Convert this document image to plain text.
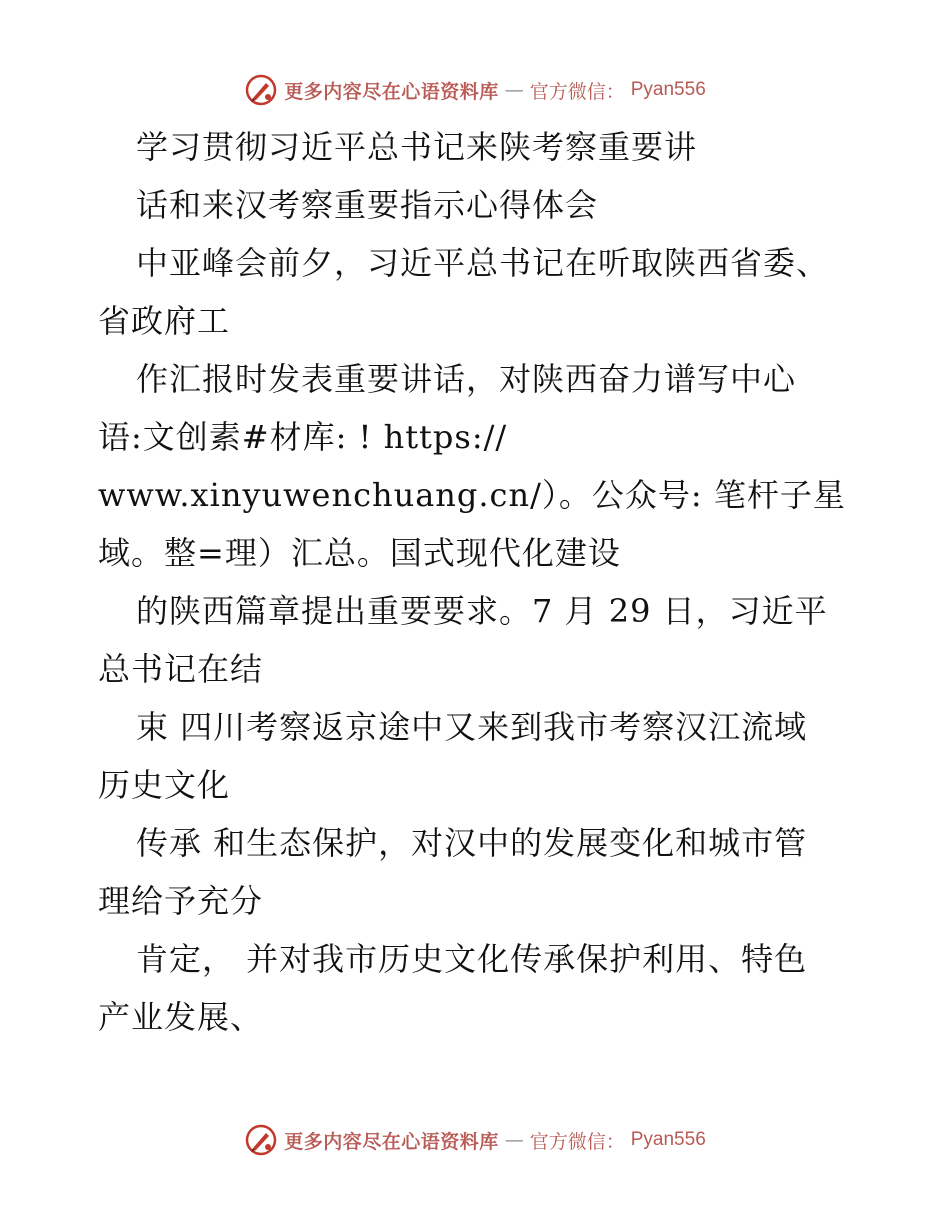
更多内容尽在心语资料库 — 官方微信： Pyan556
学习贯彻习近平总书记来陕考察重要讲
话和来汉考察重要指示心得体会
中亚峰会前夕，习近平总书记在听取陕西省委、
省政府工
作汇报时发表重要讲话，对陕西奋力谱写中心
语:文创素#材库: ! https://
www.xinyuwenchuang.cn/）。公众号: 笔杆子星
域。整=理）汇总。国式现代化建设
的陕西篇章提出重要要求。7 月 29 日，习近平
总书记在结
束 四川考察返京途中又来到我市考察汉江流域
历史文化
传承 和生态保护，对汉中的发展变化和城市管
理给予充分
肯定， 并对我市历史文化传承保护利用、特色
产业发展、
更多内容尽在心语资料库 — 官方微信： Pyan556
